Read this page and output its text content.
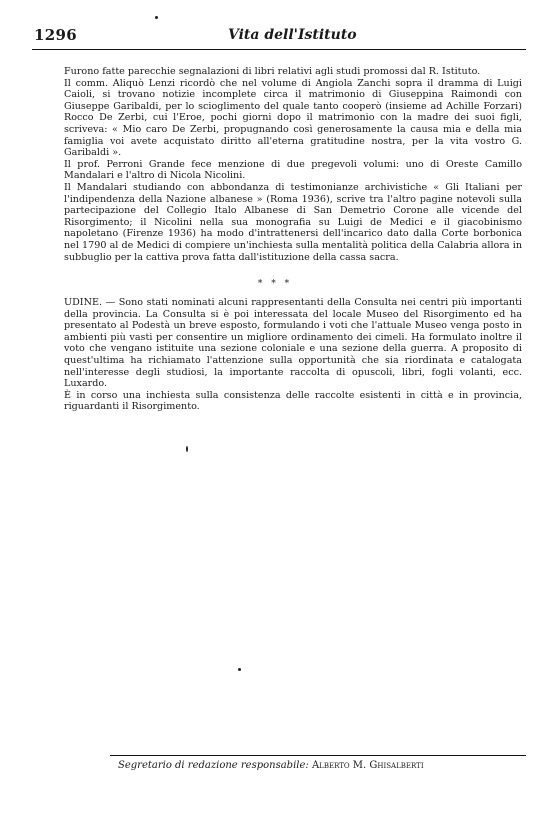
1296	Vita dell'Istituto

Furono fatte parecchie segnalazioni di libri relativi agli studi promossi dal R. Istituto.

Il comm. Aliquò Lenzi ricordò che nel volume di Angiola Zanchi sopra il dramma di Luigi Caioli, si trovano notizie incomplete circa il matrimonio di Giuseppina Raimondi con Giuseppe Garibaldi, per lo scioglimento del quale tanto cooperò (insieme ad Achille Forzari) Rocco De Zerbi, cui l'Eroe, pochi giorni dopo il matrimonio con la madre dei suoi figli, scriveva: « Mio caro De Zerbi, propugnando così generosamente la causa mia e della mia famiglia voi avete acquistato diritto all'eterna gratitudine nostra, per la vita vostro G. Garibaldi ».

Il prof. Perroni Grande fece menzione di due pregevoli volumi: uno di Oreste Camillo Mandalari e l'altro di Nicola Nicolini.

Il Mandalari studiando con abbondanza di testimonianze archivistiche « Gli Italiani per l'indipendenza della Nazione albanese » (Roma 1936), scrive tra l'altro pagine notevoli sulla partecipazione del Collegio Italo Albanese di San Demetrio Corone alle vicende del Risorgimento; il Nicolini nella sua monografia su Luigi de Medici e il giacobinismo napoletano (Firenze 1936) ha modo d'intrattenersi dell'incarico dato dalla Corte borbonica nel 1790 al de Medici di compiere un'inchiesta sulla mentalità politica della Calabria allora in subbuglio per la cattiva prova fatta dall'istituzione della cassa sacra.

* * *

UDINE. — Sono stati nominati alcuni rappresentanti della Consulta nei centri più importanti della provincia. La Consulta si è poi interessata del locale Museo del Risorgimento ed ha presentato al Podestà un breve esposto, formulando i voti che l'attuale Museo venga posto in ambienti più vasti per consentire un migliore ordinamento dei cimeli. Ha formulato inoltre il voto che vengano istituite una sezione coloniale e una sezione della guerra. A proposito di quest'ultima ha richiamato l'attenzione sulla opportunità che sia riordinata e catalogata nell'interesse degli studiosi, la importante raccolta di opuscoli, libri, fogli volanti, ecc. Luxardo.

È in corso una inchiesta sulla consistenza delle raccolte esistenti in città e in provincia, riguardanti il Risorgimento.

Segretario di redazione responsabile: Alberto M. Ghisalberti
